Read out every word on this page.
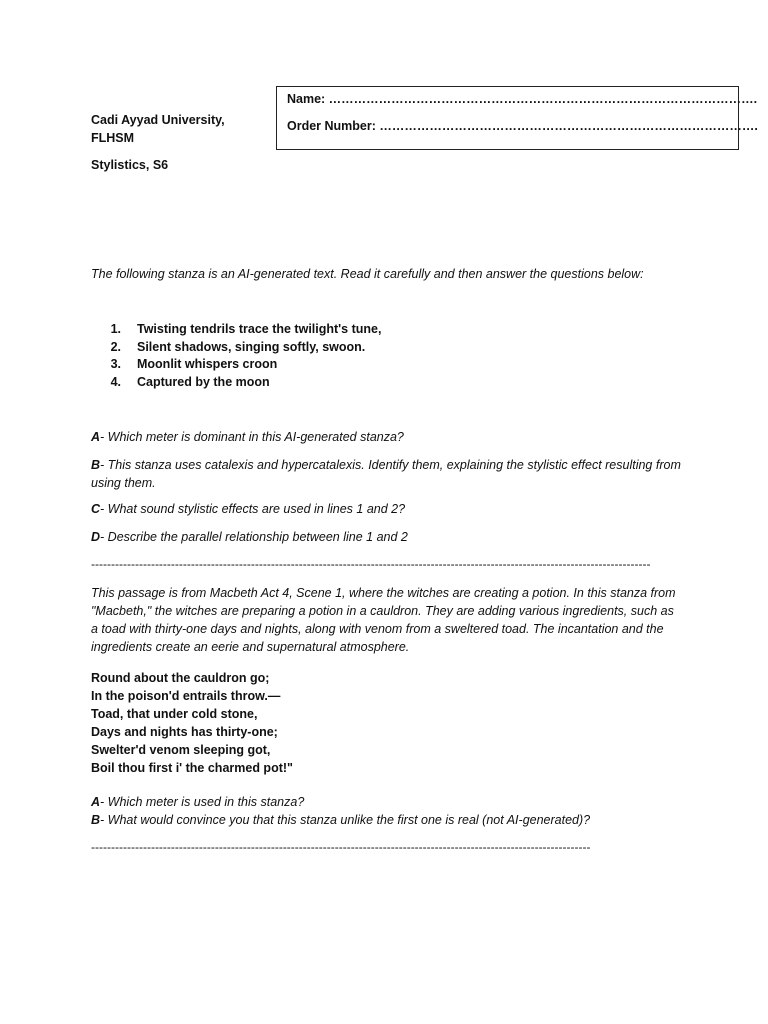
Name: ………………………………………………………………………………………….
Order Number: ……………………………………………………………………………….
Cadi Ayyad University,
FLHSM
Stylistics, S6
The following stanza is an AI-generated text. Read it carefully and then answer the questions below:
1. Twisting tendrils trace the twilight's tune,
2. Silent shadows, singing softly, swoon.
3. Moonlit whispers croon
4. Captured by the moon
A- Which meter is dominant in this AI-generated stanza?
B- This stanza uses catalexis and hypercatalexis. Identify them, explaining the stylistic effect resulting from using them.
C- What sound stylistic effects are used in lines 1 and 2?
D- Describe the parallel relationship between line 1 and 2
--------------------------------------------------------------------------------------------------------------------------------------------
This passage is from Macbeth Act 4, Scene 1, where the witches are creating a potion. In this stanza from "Macbeth," the witches are preparing a potion in a cauldron. They are adding various ingredients, such as a toad with thirty-one days and nights, along with venom from a sweltered toad. The incantation and the ingredients create an eerie and supernatural atmosphere.
Round about the cauldron go;
In the poison'd entrails throw.—
Toad, that under cold stone,
Days and nights has thirty-one;
Swelter'd venom sleeping got,
Boil thou first i' the charmed pot!"
A- Which meter is used in this stanza?
B- What would convince you that this stanza unlike the first one is real (not AI-generated)?
-----------------------------------------------------------------------------------------------------------------------------
